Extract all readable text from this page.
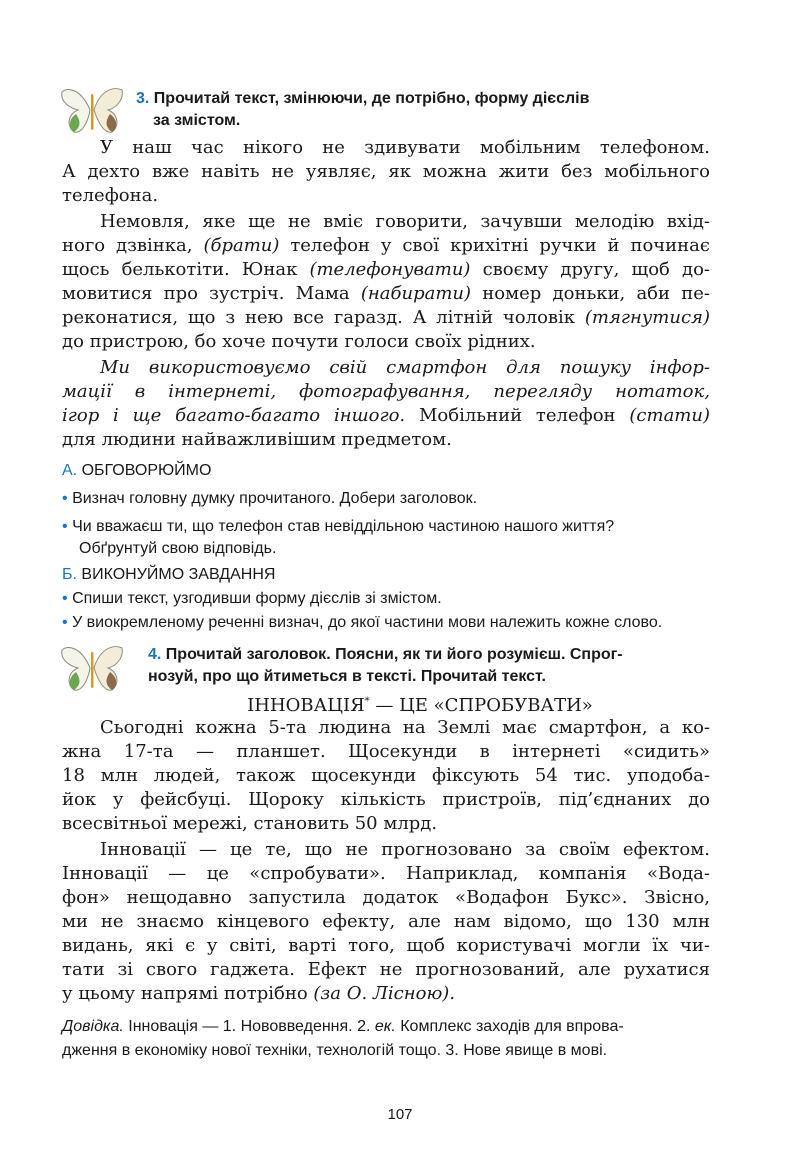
3. Прочитай текст, змінюючи, де потрібно, форму дієслів
за змістом.
У наш час нікого не здивувати мобільним телефоном.
А дехто вже навіть не уявляє, як можна жити без мобільного
телефона.
Немовля, яке ще не вміє говорити, зачувши мелодію вхід-
ного дзвінка, (брати) телефон у свої крихітні ручки й починає
щось белькотіти. Юнак (телефонувати) своєму другу, щоб до-
мовитися про зустріч. Мама (набирати) номер доньки, аби пе-
реконатися, що з нею все гаразд. А літній чоловік (тягнутися)
до пристрою, бо хоче почути голоси своїх рідних.
Ми використовуємо свій смартфон для пошуку інфор-
мації в інтернеті, фотографування, перегляду нотаток,
ігор і ще багато-багато іншого. Мобільний телефон (стати)
для людини найважливішим предметом.
А. ОБГОВОРЮЙМО
• Визнач головну думку прочитаного. Добери заголовок.
• Чи вважаєш ти, що телефон став невіддільною частиною нашого життя?
Обґрунтуй свою відповідь.
Б. ВИКОНУЙМО ЗАВДАННЯ
• Спиши текст, узгодивши форму дієслів зі змістом.
• У виокремленому реченні визнач, до якої частини мови належить кожне слово.
4. Прочитай заголовок. Поясни, як ти його розумієш. Спрог-
нозуй, про що йтиметься в тексті. Прочитай текст.
ІННОВАЦІЯ* — ЦЕ «СПРОБУВАТИ»
Сьогодні кожна 5-та людина на Землі має смартфон, а ко-
жна 17-та — планшет. Щосекунди в інтернеті «сидить»
18 млн людей, також щосекунди фіксують 54 тис. уподоба-
йок у фейсбуці. Щороку кількість пристроїв, під’єднаних до
всесвітньої мережі, становить 50 млрд.
Інновації — це те, що не прогнозовано за своїм ефектом.
Інновації — це «спробувати». Наприклад, компанія «Вода-
фон» нещодавно запустила додаток «Водафон Букс». Звісно,
ми не знаємо кінцевого ефекту, але нам відомо, що 130 млн
видань, які є у світі, варті того, щоб користувачі могли їх чи-
тати зі свого гаджета. Ефект не прогнозований, але рухатися
у цьому напрямі потрібно (за О. Лісною).
Довідка. Інновація — 1. Нововведення. 2. ек. Комплекс заходів для впрова-
дження в економіку нової техніки, технологій тощо. 3. Нове явище в мові.
107
